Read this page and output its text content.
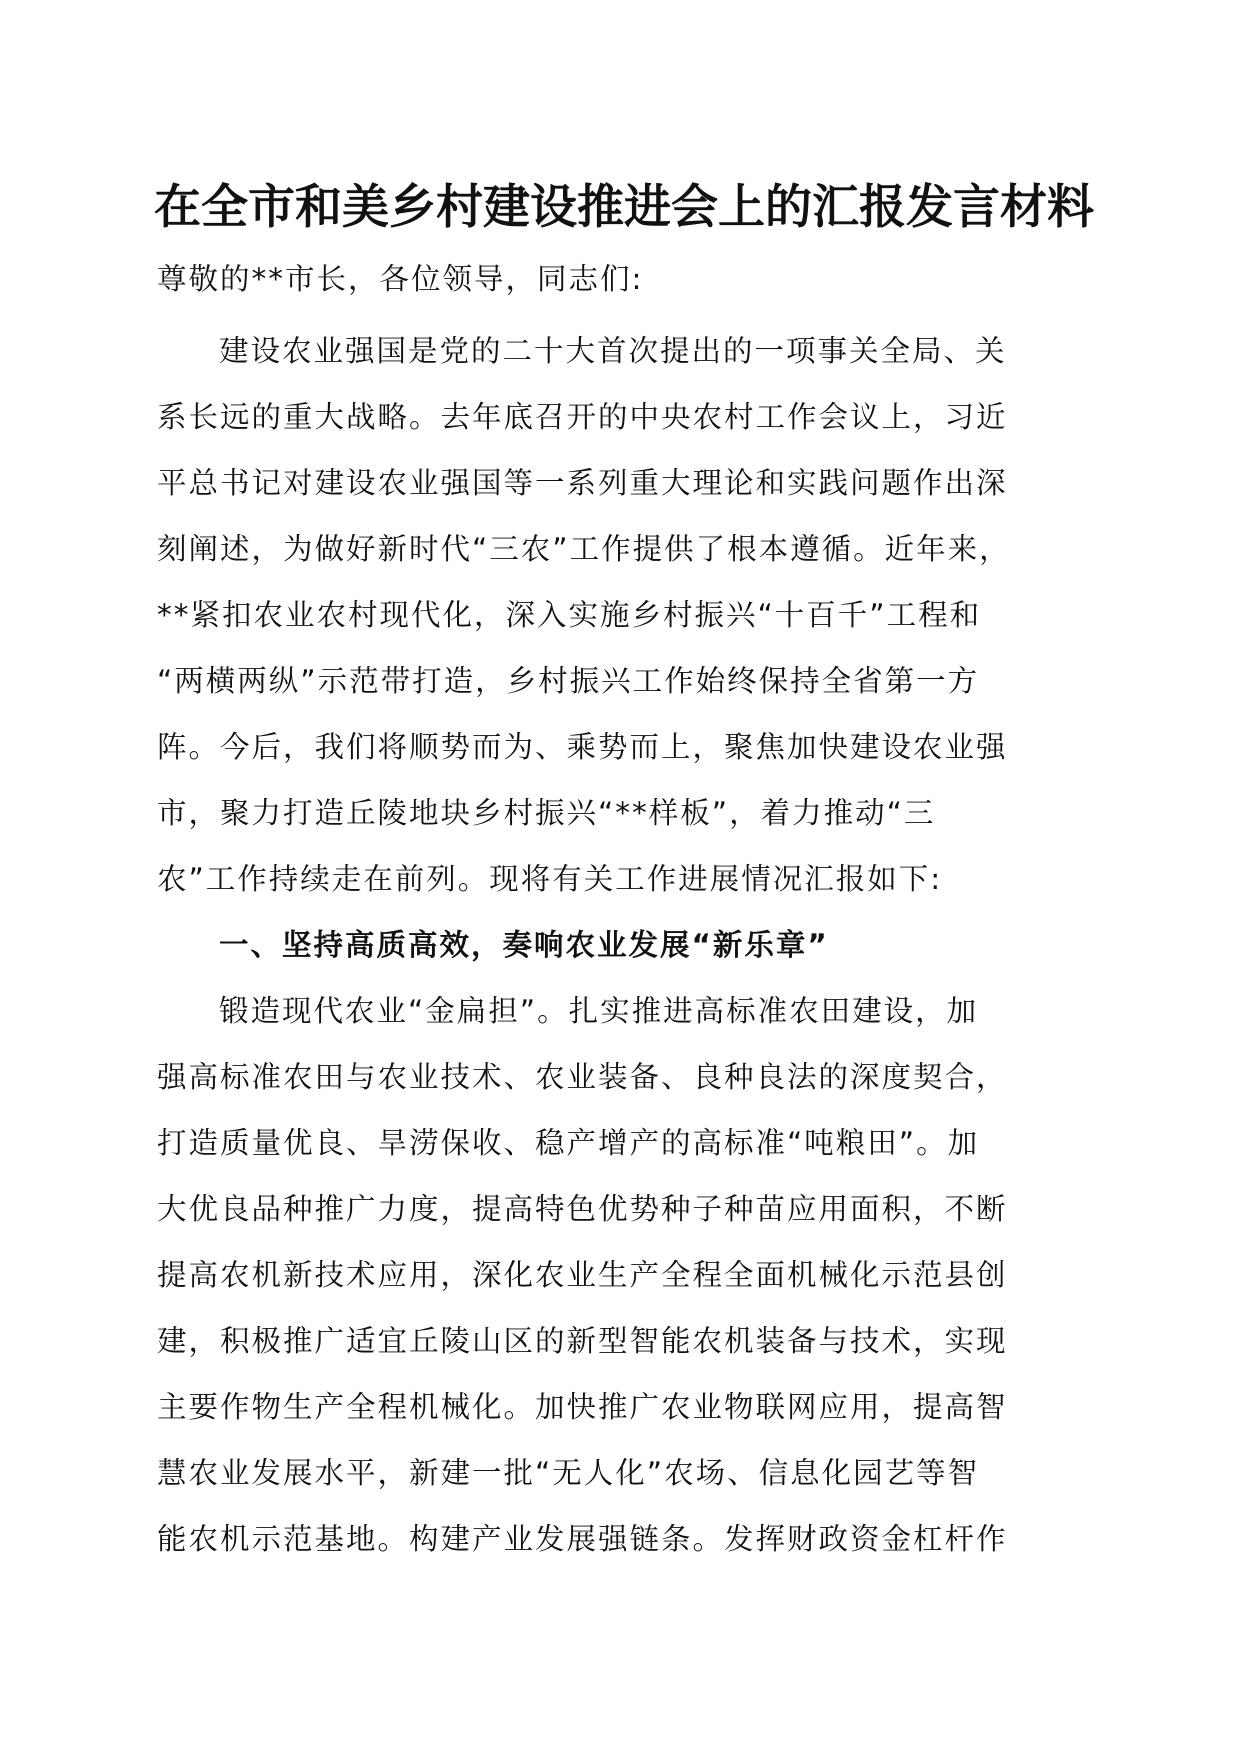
在全市和美乡村建设推进会上的汇报发言材料
尊敬的**市长，各位领导，同志们:
建设农业强国是党的二十大首次提出的一项事关全局、关
系长远的重大战略。去年底召开的中央农村工作会议上，习近
平总书记对建设农业强国等一系列重大理论和实践问题作出深
刻阐述，为做好新时代“三农”工作提供了根本遵循。近年来，
**紧扣农业农村现代化，深入实施乡村振兴“十百千”工程和
“两横两纵”示范带打造，乡村振兴工作始终保持全省第一方
阵。今后，我们将顺势而为、乘势而上，聚焦加快建设农业强
市，聚力打造丘陵地块乡村振兴“**样板”，着力推动“三
农”工作持续走在前列。现将有关工作进展情况汇报如下:
一、坚持高质高效，奏响农业发展“新乐章”
锻造现代农业“金扁担”。扎实推进高标准农田建设，加
强高标准农田与农业技术、农业装备、良种良法的深度契合，
打造质量优良、旱涝保收、稳产增产的高标准“吨粮田”。加
大优良品种推广力度，提高特色优势种子种苗应用面积，不断
提高农机新技术应用，深化农业生产全程全面机械化示范县创
建，积极推广适宜丘陵山区的新型智能农机装备与技术，实现
主要作物生产全程机械化。加快推广农业物联网应用，提高智
慧农业发展水平，新建一批“无人化”农场、信息化园艺等智
能农机示范基地。构建产业发展强链条。发挥财政资金杠杆作
